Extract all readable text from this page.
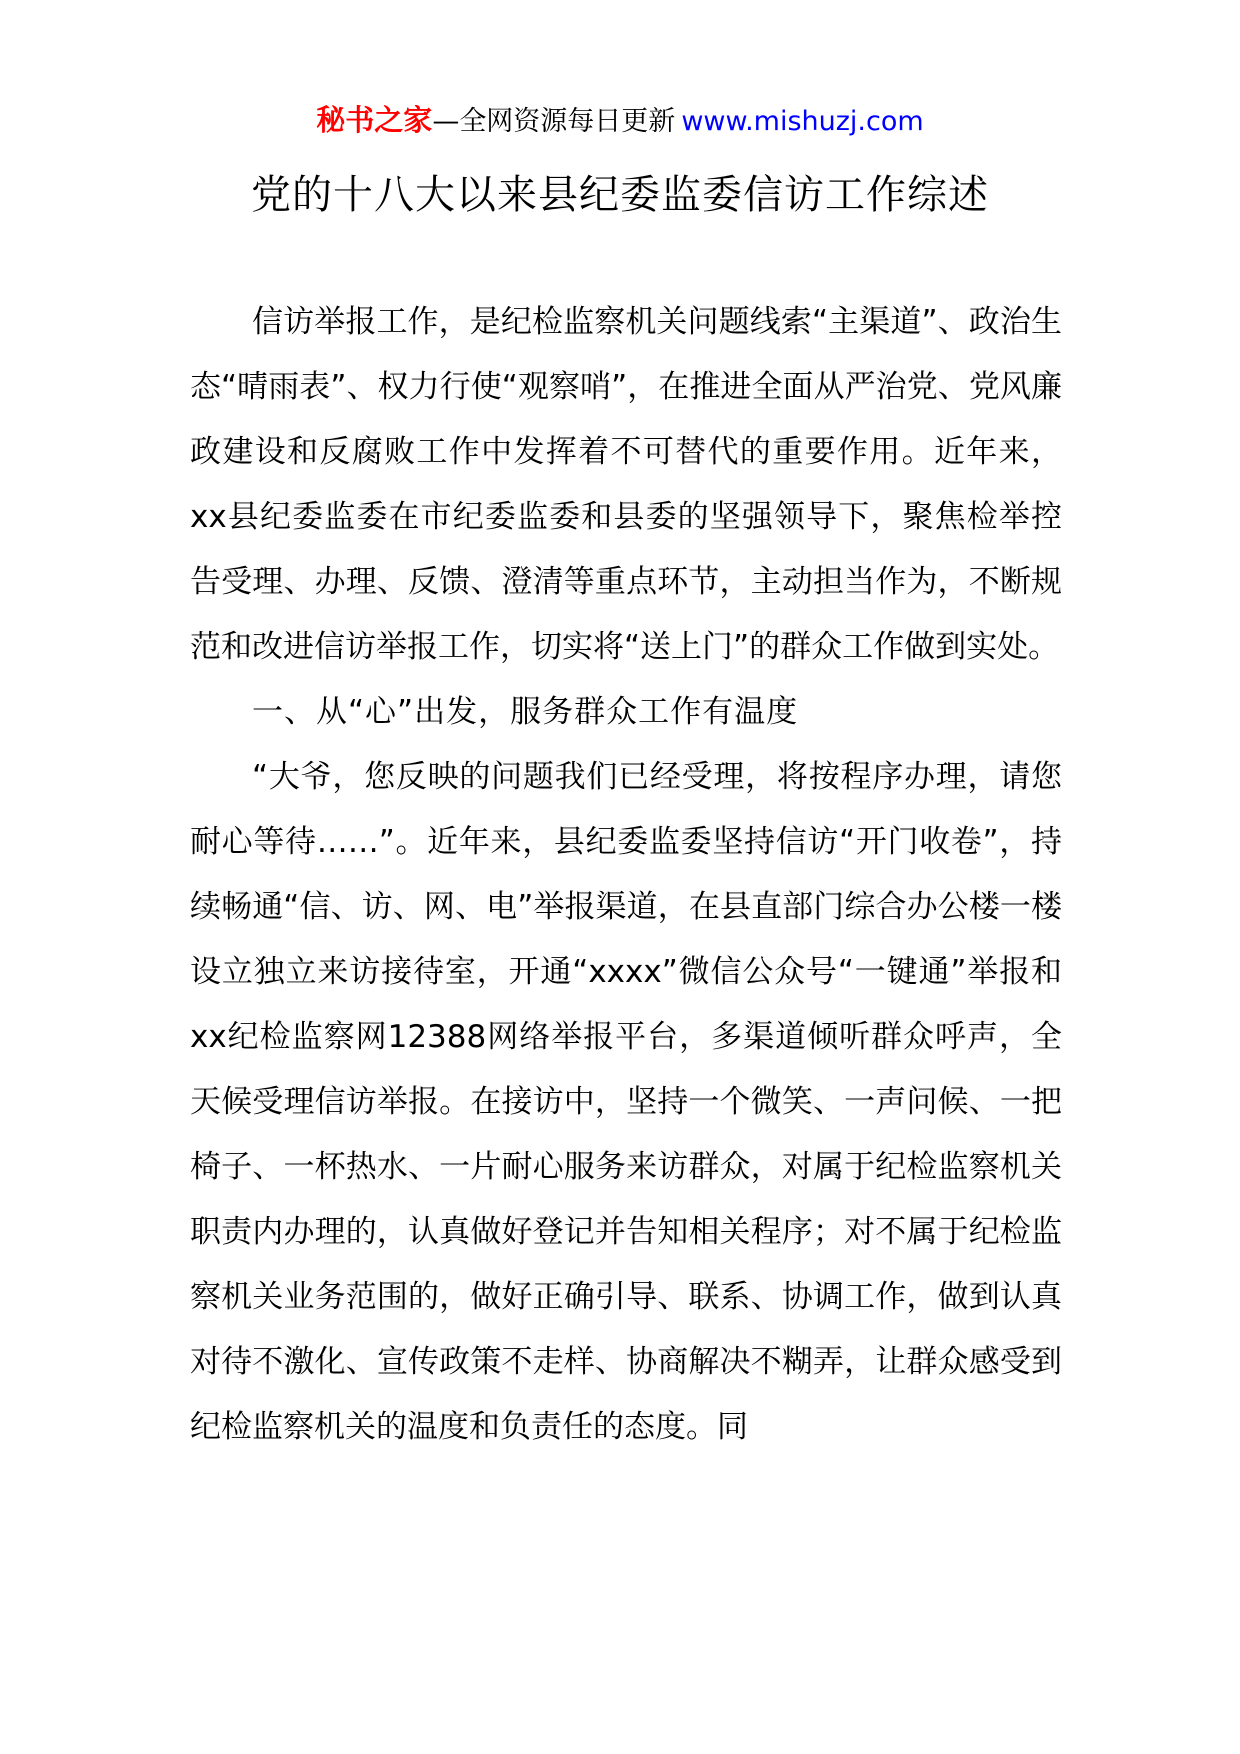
秘书之家—全网资源每日更新 www.mishuzj.com
党的十八大以来县纪委监委信访工作综述

信访举报工作，是纪检监察机关问题线索“主渠道”、政治生态“晴雨表”、权力行使“观察哨”，在推进全面从严治党、党风廉政建设和反腐败工作中发挥着不可替代的重要作用。近年来，xx县纪委监委在市纪委监委和县委的坚强领导下，聚焦检举控告受理、办理、反馈、澄清等重点环节，主动担当作为，不断规范和改进信访举报工作，切实将“送上门”的群众工作做到实处。

一、从“心”出发，服务群众工作有温度

“大爷，您反映的问题我们已经受理，将按程序办理，请您耐心等待……”。近年来，县纪委监委坚持信访“开门收卷”，持续畅通“信、访、网、电”举报渠道，在县直部门综合办公楼一楼设立独立来访接待室，开通“xxxx”微信公众号“一键通”举报和xx纪检监察网12388网络举报平台，多渠道倾听群众呼声，全天候受理信访举报。在接访中，坚持一个微笑、一声问候、一把椅子、一杯热水、一片耐心服务来访群众，对属于纪检监察机关职责内办理的，认真做好登记并告知相关程序；对不属于纪检监察机关业务范围的，做好正确引导、联系、协调工作，做到认真对待不激化、宣传政策不走样、协商解决不糊弄，让群众感受到纪检监察机关的温度和负责任的态度。同
